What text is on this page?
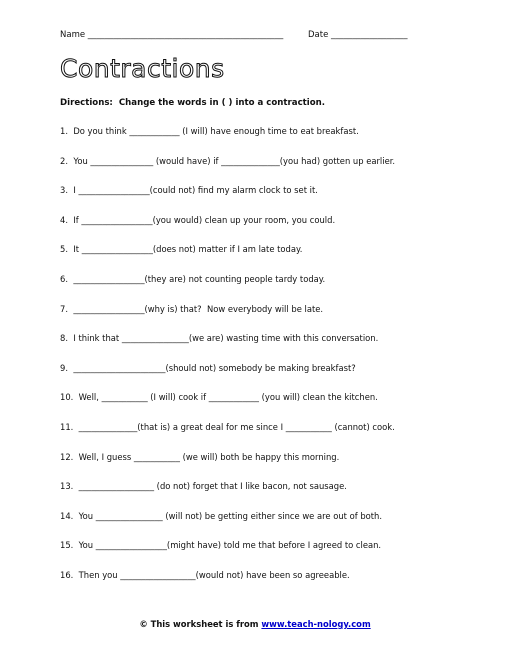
Name ______________________________________________	Date __________________
Contractions
Directions:  Change the words in ( ) into a contraction.
1.  Do you think ____________ (I will) have enough time to eat breakfast.
2.  You _______________ (would have) if ______________(you had) gotten up earlier.
3.  I _________________(could not) find my alarm clock to set it.
4.  If _________________(you would) clean up your room, you could.
5.  It _________________(does not) matter if I am late today.
6.  _________________(they are) not counting people tardy today.
7.  _________________(why is) that?  Now everybody will be late.
8.  I think that ________________(we are) wasting time with this conversation.
9.  ______________________(should not) somebody be making breakfast?
10.  Well, ___________ (I will) cook if ____________ (you will) clean the kitchen.
11.  ______________(that is) a great deal for me since I ___________ (cannot) cook.
12.  Well, I guess ___________ (we will) both be happy this morning.
13.  __________________ (do not) forget that I like bacon, not sausage.
14.  You ________________ (will not) be getting either since we are out of both.
15.  You _________________(might have) told me that before I agreed to clean.
16.  Then you __________________(would not) have been so agreeable.
© This worksheet is from www.teach-nology.com
